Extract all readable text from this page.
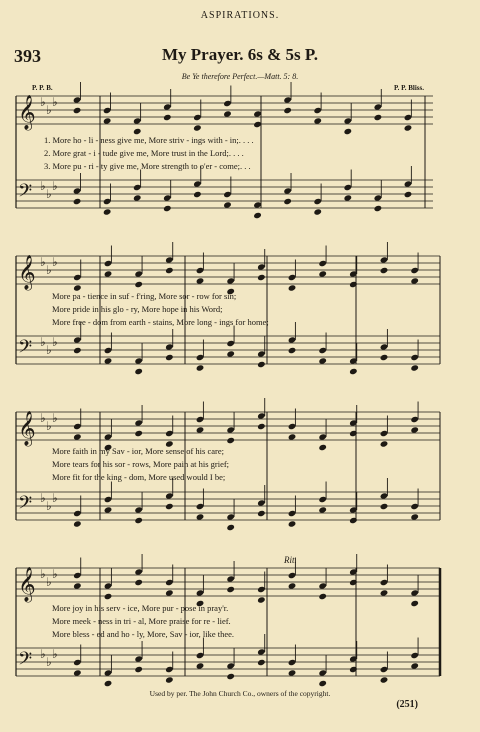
ASPIRATIONS.
393	My Prayer. 6s & 5s P.
Be Ye therefore Perfect.—Matt. 5: 8.
P. P. B.	P. P. Bliss.
𝄞 ♭
♭
♭
𝄢 ♭
♭
♭
𝄞 ♭
♭
♭
𝄢 ♭
♭
♭
𝄞 ♭
♭
♭
𝄢 ♭
♭
♭
𝄞 ♭
♭
♭
𝄢 ♭
♭
♭
1. More ho - li - ness give me, More striv - ings with - in;. . . .
2. More grat - i - tude give me, More trust in the Lord;. . . .
3. More pu - ri - ty give me, More strength to o'er - come;. . .
More pa - tience in suf - f'ring, More sor - row for sin;
More pride in his glo - ry, More hope in his Word;
More free - dom from earth - stains, More long - ings for home;
More faith in my Sav - ior, More sense of his care;
More tears for his sor - rows, More pain at his grief;
More fit for the king - dom, More used would I be;
Rit.
More joy in his serv - ice, More pur - pose in pray'r.
More meek - ness in tri - al, More praise for re - lief.
More bless - ed and ho - ly, More, Sav - ior, like thee.
Used by per. The John Church Co., owners of the copyright.
(251)
